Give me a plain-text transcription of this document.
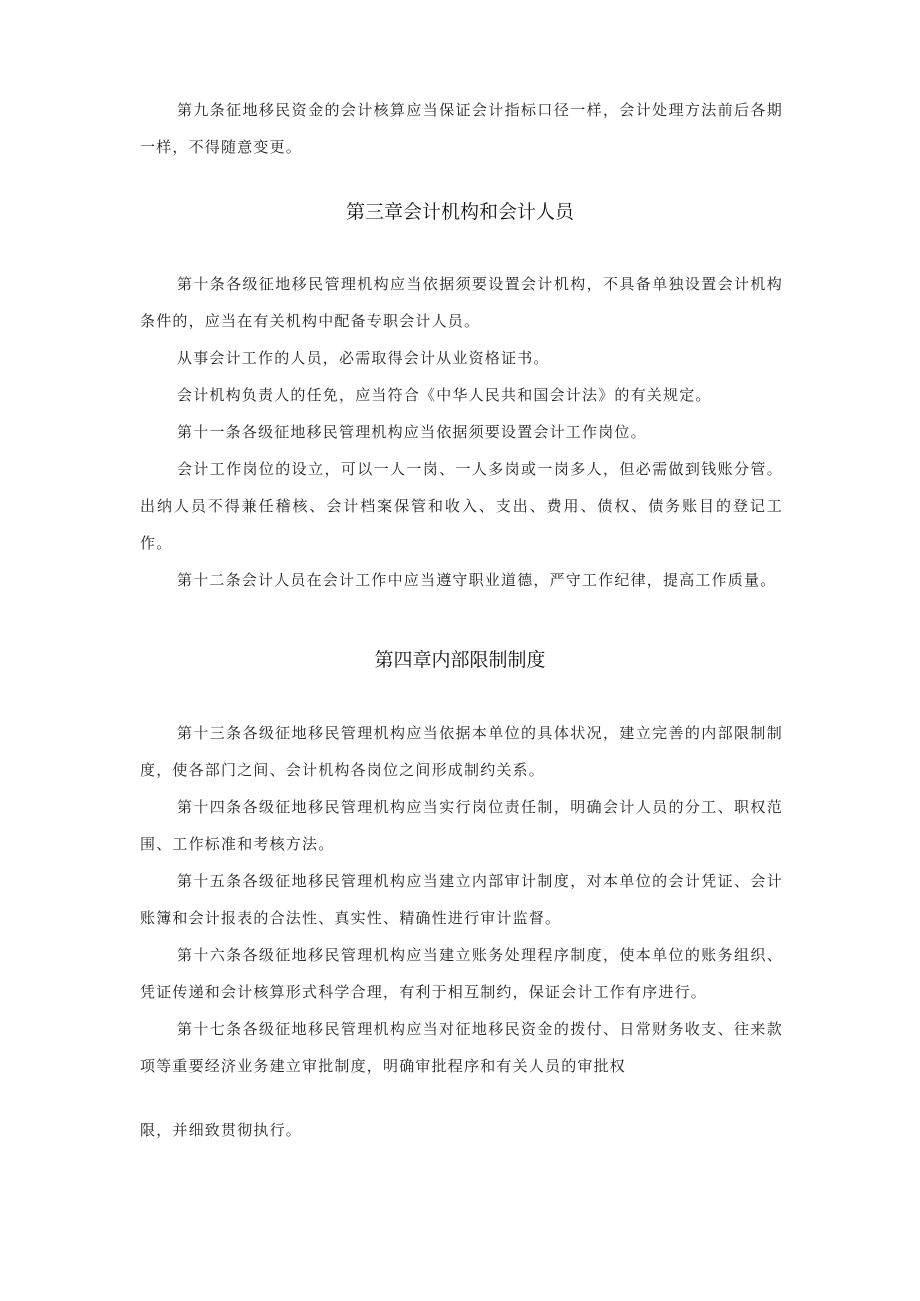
第九条征地移民资金的会计核算应当保证会计指标口径一样，会计处理方法前后各期一样，不得随意变更。

第三章会计机构和会计人员

第十条各级征地移民管理机构应当依据须要设置会计机构，不具备单独设置会计机构条件的，应当在有关机构中配备专职会计人员。

从事会计工作的人员，必需取得会计从业资格证书。

会计机构负责人的任免，应当符合《中华人民共和国会计法》的有关规定。

第十一条各级征地移民管理机构应当依据须要设置会计工作岗位。

会计工作岗位的设立，可以一人一岗、一人多岗或一岗多人，但必需做到钱账分管。出纳人员不得兼任稽核、会计档案保管和收入、支出、费用、债权、债务账目的登记工作。

第十二条会计人员在会计工作中应当遵守职业道德，严守工作纪律，提高工作质量。

第四章内部限制制度

第十三条各级征地移民管理机构应当依据本单位的具体状况，建立完善的内部限制制度，使各部门之间、会计机构各岗位之间形成制约关系。

第十四条各级征地移民管理机构应当实行岗位责任制，明确会计人员的分工、职权范围、工作标准和考核方法。

第十五条各级征地移民管理机构应当建立内部审计制度，对本单位的会计凭证、会计账簿和会计报表的合法性、真实性、精确性进行审计监督。

第十六条各级征地移民管理机构应当建立账务处理程序制度，使本单位的账务组织、凭证传递和会计核算形式科学合理，有利于相互制约，保证会计工作有序进行。

第十七条各级征地移民管理机构应当对征地移民资金的拨付、日常财务收支、往来款项等重要经济业务建立审批制度，明确审批程序和有关人员的审批权

限，并细致贯彻执行。
